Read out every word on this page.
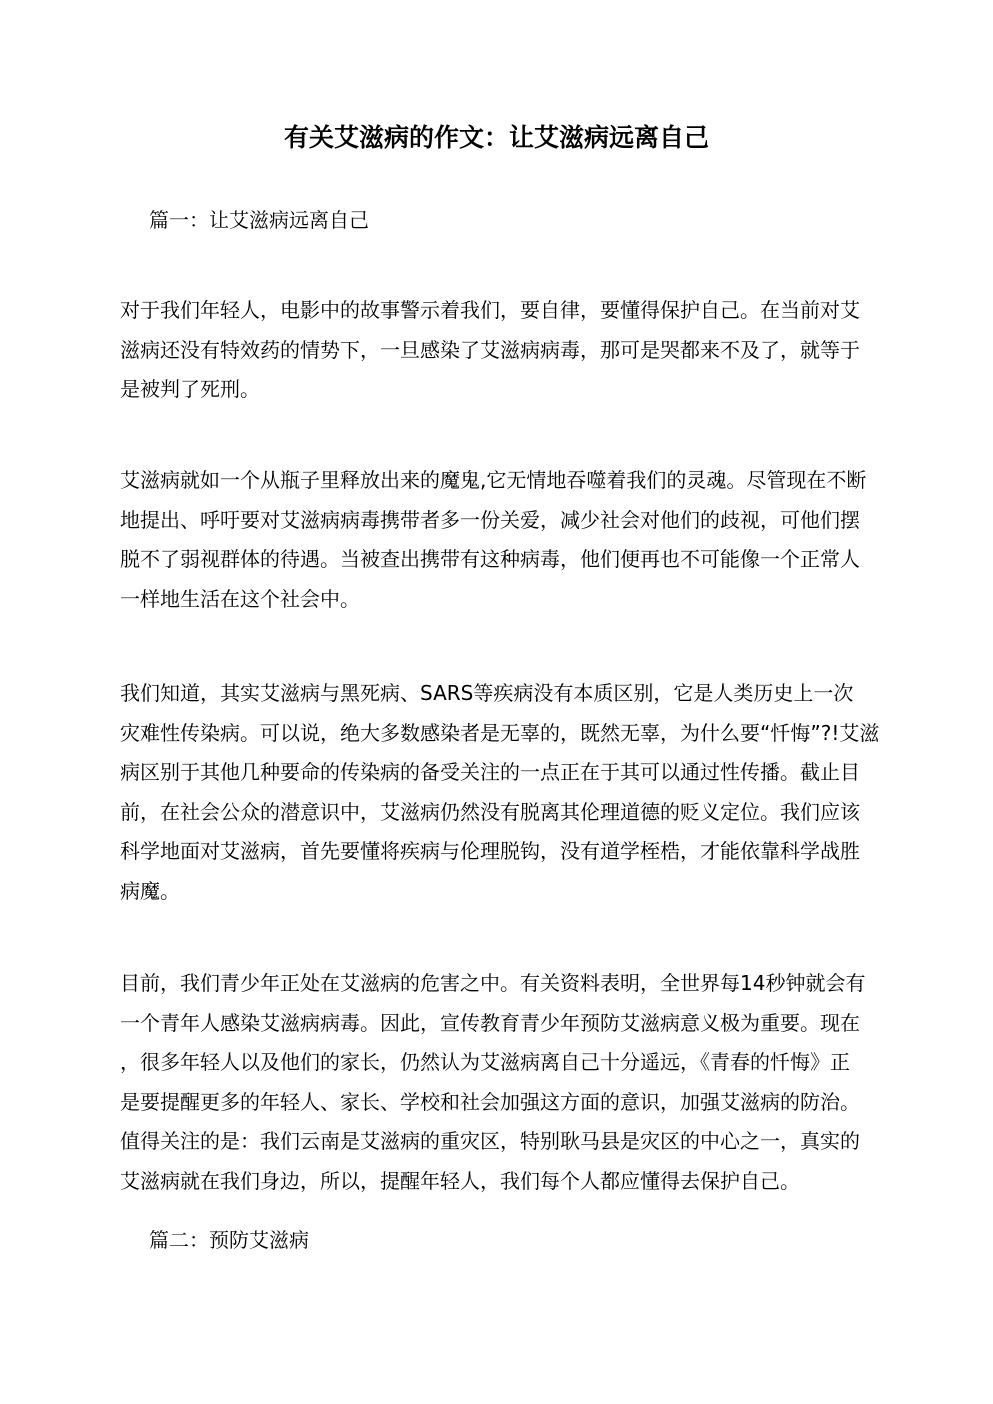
有关艾滋病的作文：让艾滋病远离自己

篇一：让艾滋病远离自己

对于我们年轻人，电影中的故事警示着我们，要自律，要懂得保护自己。在当前对艾
滋病还没有特效药的情势下，一旦感染了艾滋病病毒，那可是哭都来不及了，就等于
是被判了死刑。
艾滋病就如一个从瓶子里释放出来的魔鬼,它无情地吞噬着我们的灵魂。尽管现在不断
地提出、呼吁要对艾滋病病毒携带者多一份关爱，减少社会对他们的歧视，可他们摆
脱不了弱视群体的待遇。当被查出携带有这种病毒，他们便再也不可能像一个正常人
一样地生活在这个社会中。
我们知道，其实艾滋病与黑死病、SARS等疾病没有本质区别，它是人类历史上一次
灾难性传染病。可以说，绝大多数感染者是无辜的，既然无辜，为什么要“忏悔”?!艾滋
病区别于其他几种要命的传染病的备受关注的一点正在于其可以通过性传播。截止目
前，在社会公众的潜意识中，艾滋病仍然没有脱离其伦理道德的贬义定位。我们应该
科学地面对艾滋病，首先要懂将疾病与伦理脱钩，没有道学桎梏，才能依靠科学战胜
病魔。
目前，我们青少年正处在艾滋病的危害之中。有关资料表明，全世界每14秒钟就会有
一个青年人感染艾滋病病毒。因此，宣传教育青少年预防艾滋病意义极为重要。现在
，很多年轻人以及他们的家长，仍然认为艾滋病离自己十分遥远，《青春的忏悔》正
是要提醒更多的年轻人、家长、学校和社会加强这方面的意识，加强艾滋病的防治。
值得关注的是：我们云南是艾滋病的重灾区，特别耿马县是灾区的中心之一，真实的
艾滋病就在我们身边，所以，提醒年轻人，我们每个人都应懂得去保护自己。

篇二：预防艾滋病
